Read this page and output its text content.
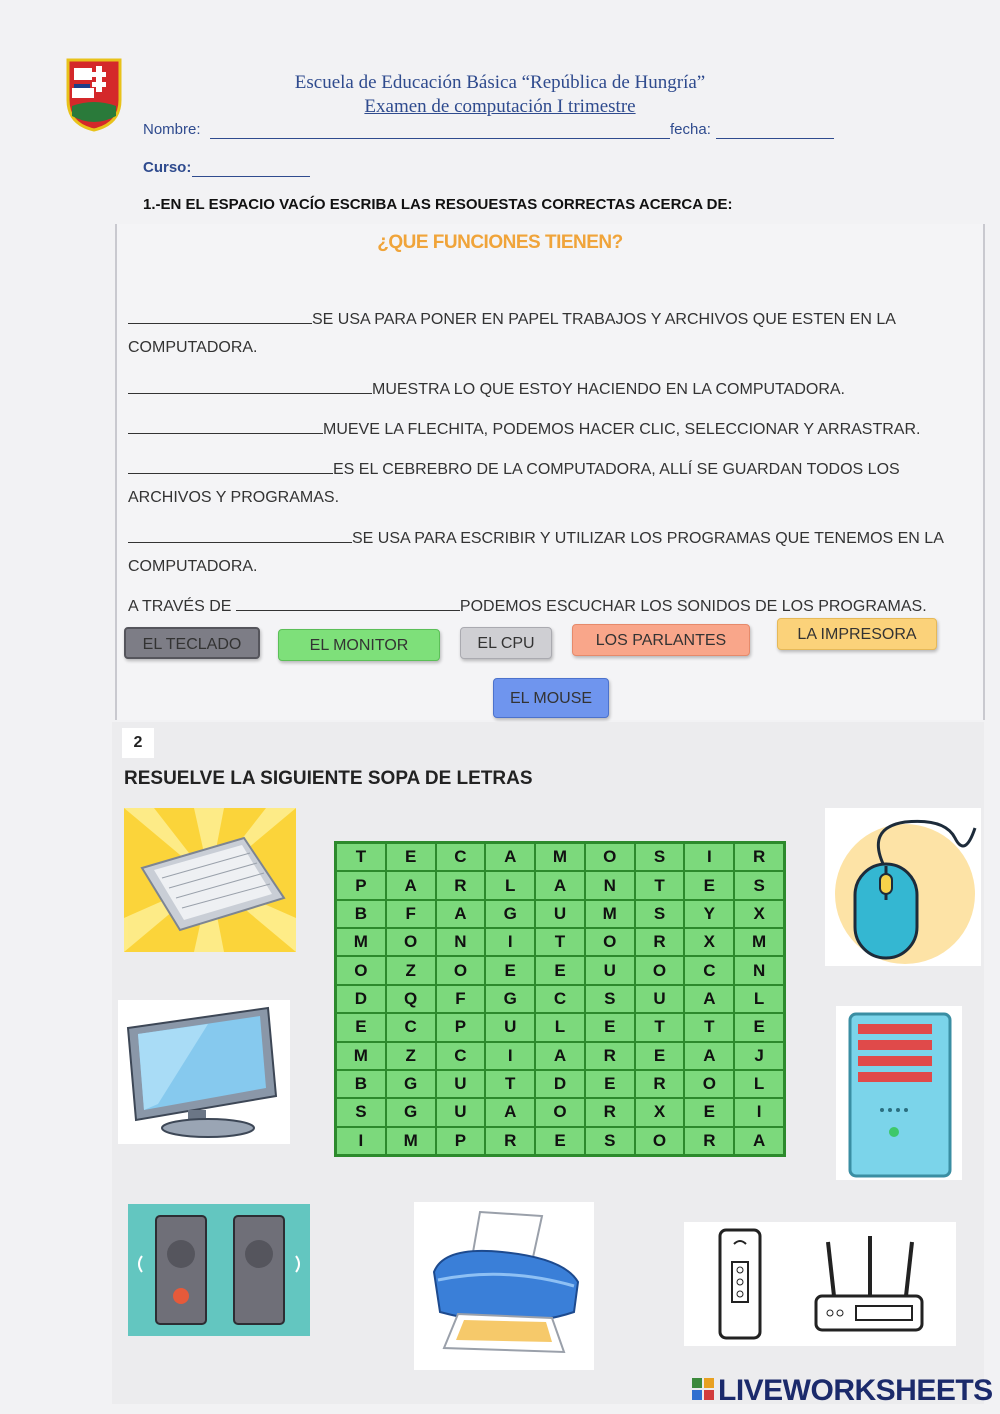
Escuela de Educación Básica “República de Hungría”
Examen de computación I trimestre
Nombre:	fecha:
Curso:
1.-EN EL ESPACIO VACÍO ESCRIBA LAS RESOUESTAS CORRECTAS ACERCA DE:
¿QUE FUNCIONES TIENEN?
SE USA PARA PONER EN PAPEL TRABAJOS Y ARCHIVOS QUE ESTEN EN LA
COMPUTADORA.
MUESTRA LO QUE ESTOY HACIENDO EN LA COMPUTADORA.
MUEVE LA FLECHITA, PODEMOS HACER CLIC, SELECCIONAR Y ARRASTRAR.
ES EL CEBREBRO DE LA COMPUTADORA, ALLÍ SE GUARDAN TODOS LOS
ARCHIVOS Y PROGRAMAS.
SE USA PARA ESCRIBIR Y UTILIZAR LOS PROGRAMAS QUE TENEMOS EN LA
COMPUTADORA.
A TRAVÉS DE	PODEMOS ESCUCHAR LOS SONIDOS DE LOS PROGRAMAS.
EL TECLADO	EL MONITOR	EL CPU	LOS PARLANTES	LA IMPRESORA
EL MOUSE
2
RESUELVE LA SIGUIENTE SOPA DE LETRAS
T	E	C	A	M	O	S	I	R
P	A	R	L	A	N	T	E	S
B	F	A	G	U	M	S	Y	X
M	O	N	I	T	O	R	X	M
O	Z	O	E	E	U	O	C	N
D	Q	F	G	C	S	U	A	L
E	C	P	U	L	E	T	T	E
M	Z	C	I	A	R	E	A	J
B	G	U	T	D	E	R	O	L
S	G	U	A	O	R	X	E	I
I	M	P	R	E	S	O	R	A
LIVEWORKSHEETS
